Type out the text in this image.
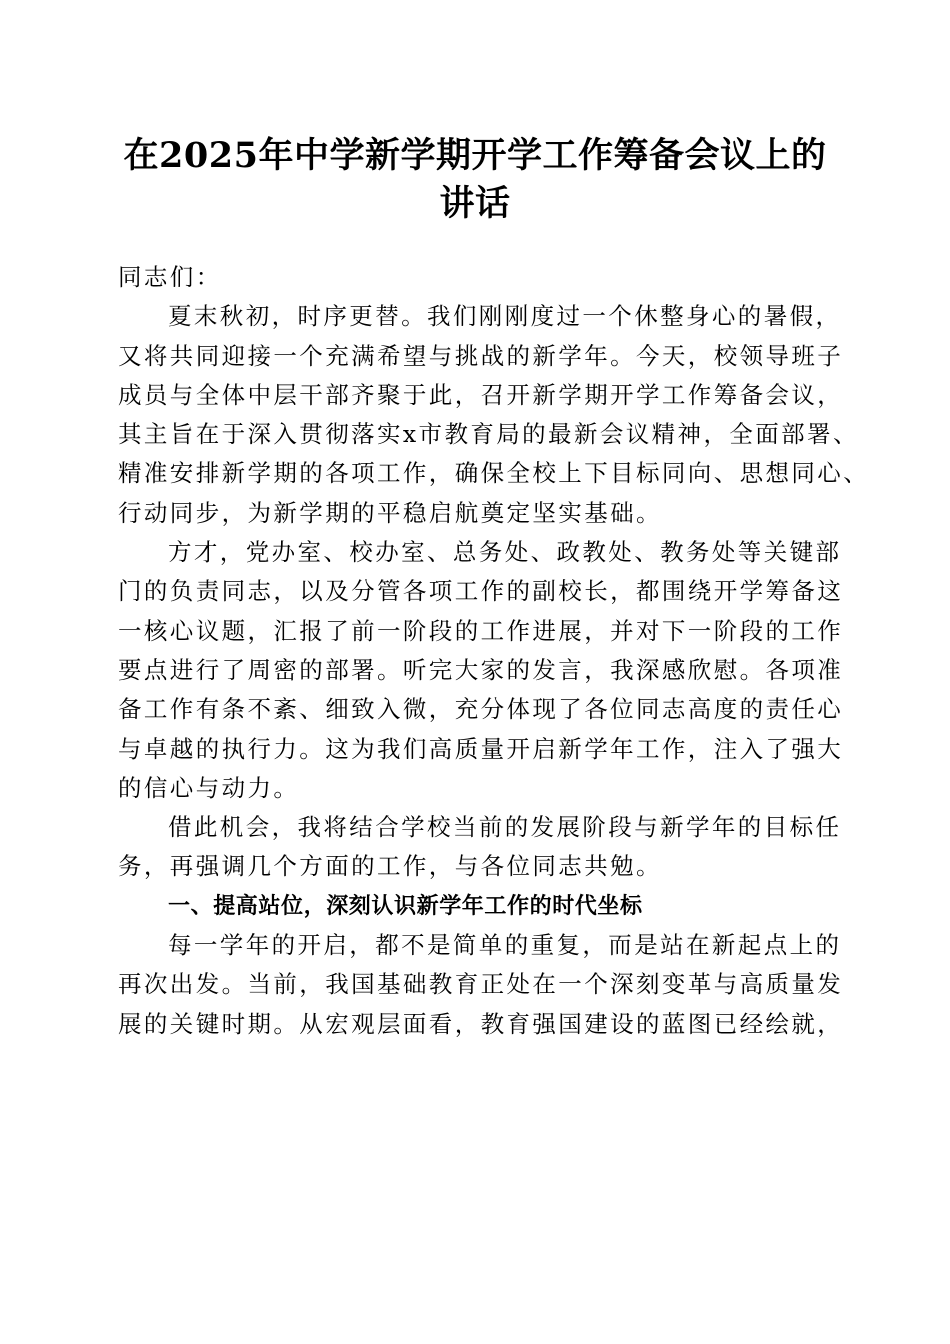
在2025年中学新学期开学工作筹备会议上的
讲话
同志们：
夏末秋初，时序更替。我们刚刚度过一个休整身心的暑假，
又将共同迎接一个充满希望与挑战的新学年。今天，校领导班子
成员与全体中层干部齐聚于此，召开新学期开学工作筹备会议，
其主旨在于深入贯彻落实x市教育局的最新会议精神，全面部署、
精准安排新学期的各项工作，确保全校上下目标同向、思想同心、
行动同步，为新学期的平稳启航奠定坚实基础。
方才，党办室、校办室、总务处、政教处、教务处等关键部
门的负责同志，以及分管各项工作的副校长，都围绕开学筹备这
一核心议题，汇报了前一阶段的工作进展，并对下一阶段的工作
要点进行了周密的部署。听完大家的发言，我深感欣慰。各项准
备工作有条不紊、细致入微，充分体现了各位同志高度的责任心
与卓越的执行力。这为我们高质量开启新学年工作，注入了强大
的信心与动力。
借此机会，我将结合学校当前的发展阶段与新学年的目标任
务，再强调几个方面的工作，与各位同志共勉。
一、提高站位，深刻认识新学年工作的时代坐标
每一学年的开启，都不是简单的重复，而是站在新起点上的
再次出发。当前，我国基础教育正处在一个深刻变革与高质量发
展的关键时期。从宏观层面看，教育强国建设的蓝图已经绘就，
